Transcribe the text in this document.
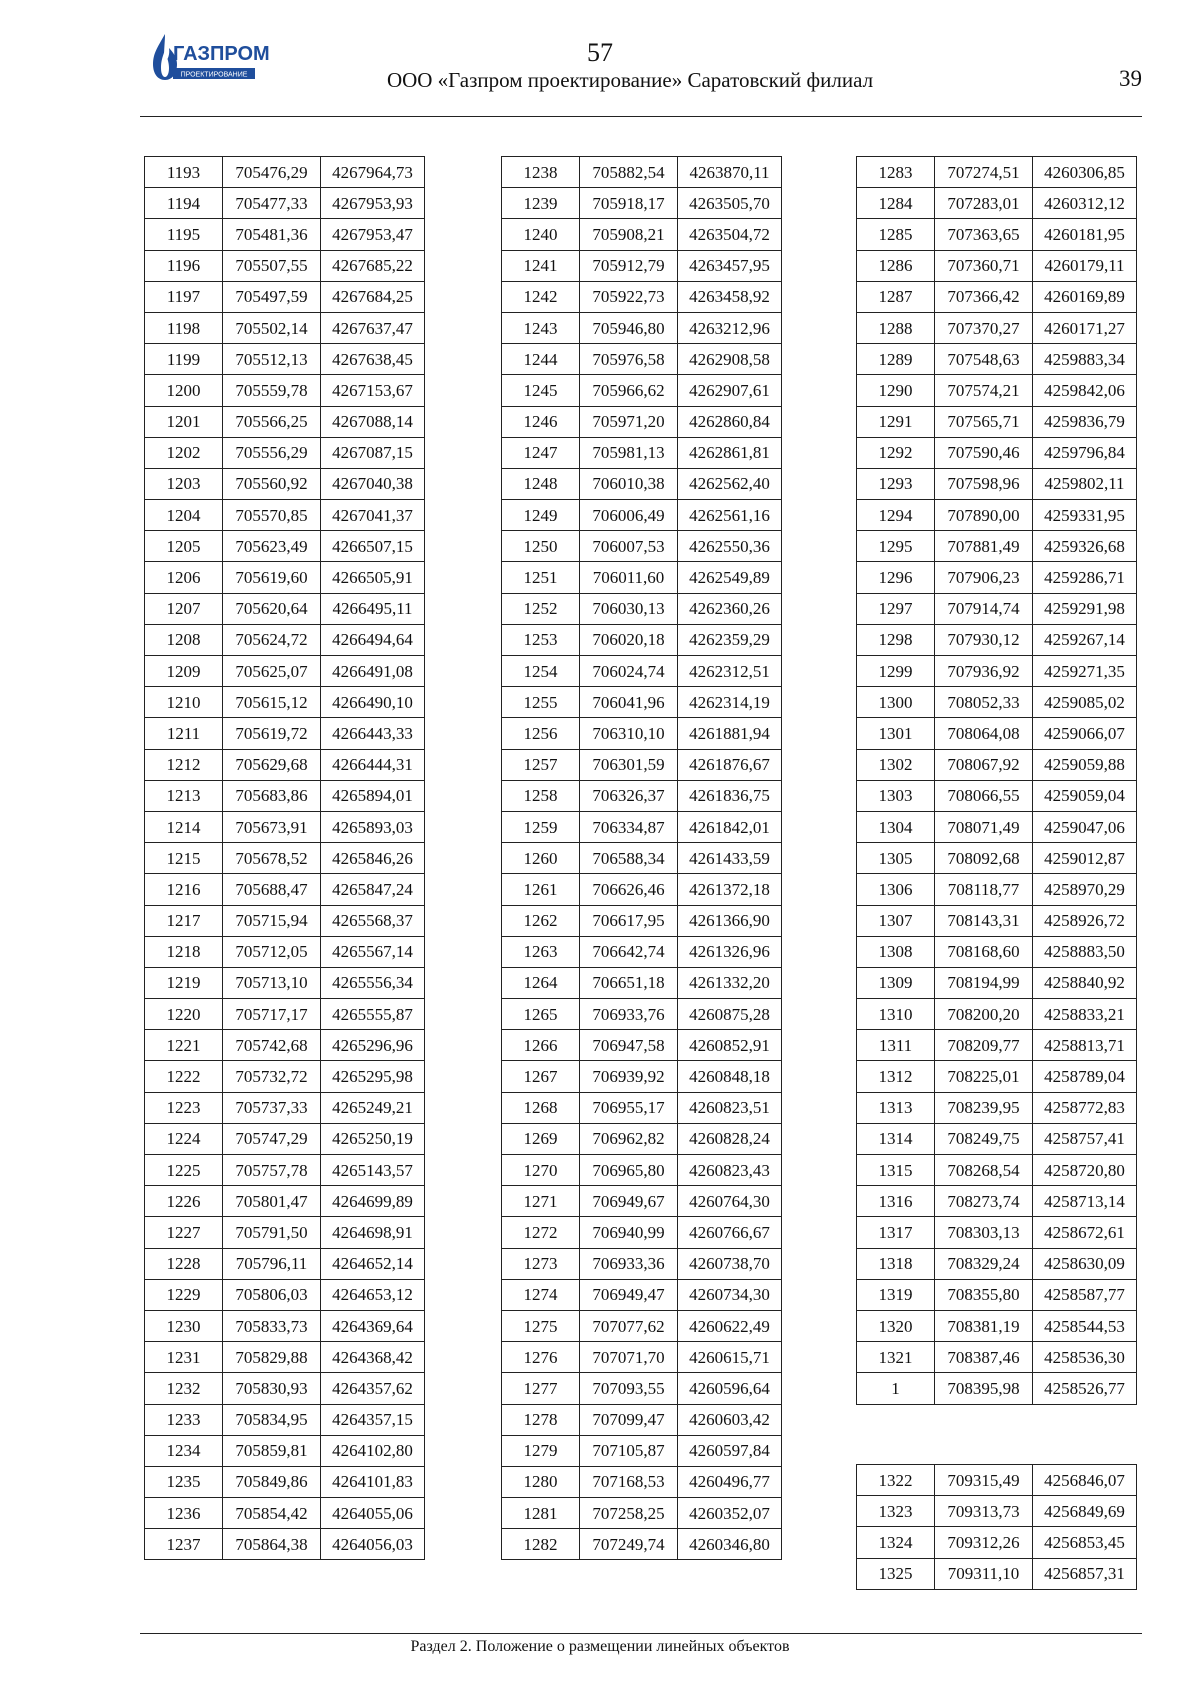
ГАЗПРОМ
ПРОЕКТИРОВАНИЕ
57
ООО «Газпром проектирование» Саратовский филиал	39
1193	705476,29	4267964,73
1194	705477,33	4267953,93
1195	705481,36	4267953,47
1196	705507,55	4267685,22
1197	705497,59	4267684,25
1198	705502,14	4267637,47
1199	705512,13	4267638,45
1200	705559,78	4267153,67
1201	705566,25	4267088,14
1202	705556,29	4267087,15
1203	705560,92	4267040,38
1204	705570,85	4267041,37
1205	705623,49	4266507,15
1206	705619,60	4266505,91
1207	705620,64	4266495,11
1208	705624,72	4266494,64
1209	705625,07	4266491,08
1210	705615,12	4266490,10
1211	705619,72	4266443,33
1212	705629,68	4266444,31
1213	705683,86	4265894,01
1214	705673,91	4265893,03
1215	705678,52	4265846,26
1216	705688,47	4265847,24
1217	705715,94	4265568,37
1218	705712,05	4265567,14
1219	705713,10	4265556,34
1220	705717,17	4265555,87
1221	705742,68	4265296,96
1222	705732,72	4265295,98
1223	705737,33	4265249,21
1224	705747,29	4265250,19
1225	705757,78	4265143,57
1226	705801,47	4264699,89
1227	705791,50	4264698,91
1228	705796,11	4264652,14
1229	705806,03	4264653,12
1230	705833,73	4264369,64
1231	705829,88	4264368,42
1232	705830,93	4264357,62
1233	705834,95	4264357,15
1234	705859,81	4264102,80
1235	705849,86	4264101,83
1236	705854,42	4264055,06
1237	705864,38	4264056,03
1238	705882,54	4263870,11
1239	705918,17	4263505,70
1240	705908,21	4263504,72
1241	705912,79	4263457,95
1242	705922,73	4263458,92
1243	705946,80	4263212,96
1244	705976,58	4262908,58
1245	705966,62	4262907,61
1246	705971,20	4262860,84
1247	705981,13	4262861,81
1248	706010,38	4262562,40
1249	706006,49	4262561,16
1250	706007,53	4262550,36
1251	706011,60	4262549,89
1252	706030,13	4262360,26
1253	706020,18	4262359,29
1254	706024,74	4262312,51
1255	706041,96	4262314,19
1256	706310,10	4261881,94
1257	706301,59	4261876,67
1258	706326,37	4261836,75
1259	706334,87	4261842,01
1260	706588,34	4261433,59
1261	706626,46	4261372,18
1262	706617,95	4261366,90
1263	706642,74	4261326,96
1264	706651,18	4261332,20
1265	706933,76	4260875,28
1266	706947,58	4260852,91
1267	706939,92	4260848,18
1268	706955,17	4260823,51
1269	706962,82	4260828,24
1270	706965,80	4260823,43
1271	706949,67	4260764,30
1272	706940,99	4260766,67
1273	706933,36	4260738,70
1274	706949,47	4260734,30
1275	707077,62	4260622,49
1276	707071,70	4260615,71
1277	707093,55	4260596,64
1278	707099,47	4260603,42
1279	707105,87	4260597,84
1280	707168,53	4260496,77
1281	707258,25	4260352,07
1282	707249,74	4260346,80
1283	707274,51	4260306,85
1284	707283,01	4260312,12
1285	707363,65	4260181,95
1286	707360,71	4260179,11
1287	707366,42	4260169,89
1288	707370,27	4260171,27
1289	707548,63	4259883,34
1290	707574,21	4259842,06
1291	707565,71	4259836,79
1292	707590,46	4259796,84
1293	707598,96	4259802,11
1294	707890,00	4259331,95
1295	707881,49	4259326,68
1296	707906,23	4259286,71
1297	707914,74	4259291,98
1298	707930,12	4259267,14
1299	707936,92	4259271,35
1300	708052,33	4259085,02
1301	708064,08	4259066,07
1302	708067,92	4259059,88
1303	708066,55	4259059,04
1304	708071,49	4259047,06
1305	708092,68	4259012,87
1306	708118,77	4258970,29
1307	708143,31	4258926,72
1308	708168,60	4258883,50
1309	708194,99	4258840,92
1310	708200,20	4258833,21
1311	708209,77	4258813,71
1312	708225,01	4258789,04
1313	708239,95	4258772,83
1314	708249,75	4258757,41
1315	708268,54	4258720,80
1316	708273,74	4258713,14
1317	708303,13	4258672,61
1318	708329,24	4258630,09
1319	708355,80	4258587,77
1320	708381,19	4258544,53
1321	708387,46	4258536,30
1	708395,98	4258526,77
1322	709315,49	4256846,07
1323	709313,73	4256849,69
1324	709312,26	4256853,45
1325	709311,10	4256857,31
Раздел 2. Положение о размещении линейных объектов
